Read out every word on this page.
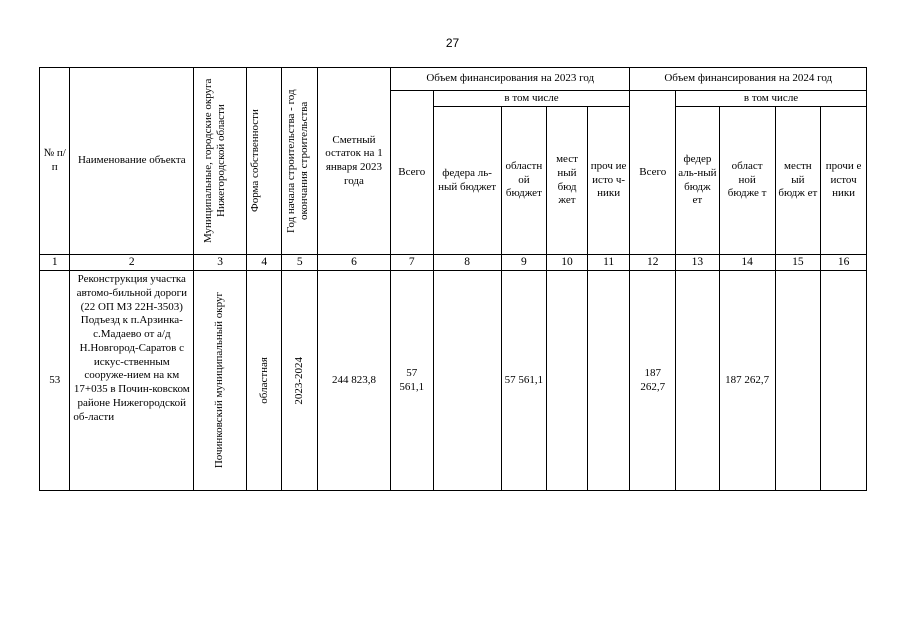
27
№ п/п	Наименование объекта	Муниципальные, городские округа Нижегородской области	Форма собственности	Год начала строительства - год окончания строительства	Сметный остаток на 1 января 2023 года	Объем финансирования на 2023 год					Объем финансирования на 2024 год				
						Всего	в том числе				Всего	в том числе			
							федера ль-ный бюджет	областн ой бюджет	мест ный бюд жет	проч ие исто ч-ники		федер аль-ный бюдж ет	област ной бюдже т	местн ый бюдж ет	прочи е источ ники
1	2	3	4	5	6	7	8	9	10	11	12	13	14	15	16
53	Реконструкция участка автомо-бильной дороги (22 ОП МЗ 22Н-3503) Подъезд к п.Арзинка-с.Мадаево от а/д Н.Новгород-Саратов с искус-ственным сооруже-нием на км 17+035 в Почин-ковском районе Нижегородской об-ласти	Починковский муниципальный округ	областная	2023-2024	244 823,8	57 561,1		57 561,1			187 262,7		187 262,7		
